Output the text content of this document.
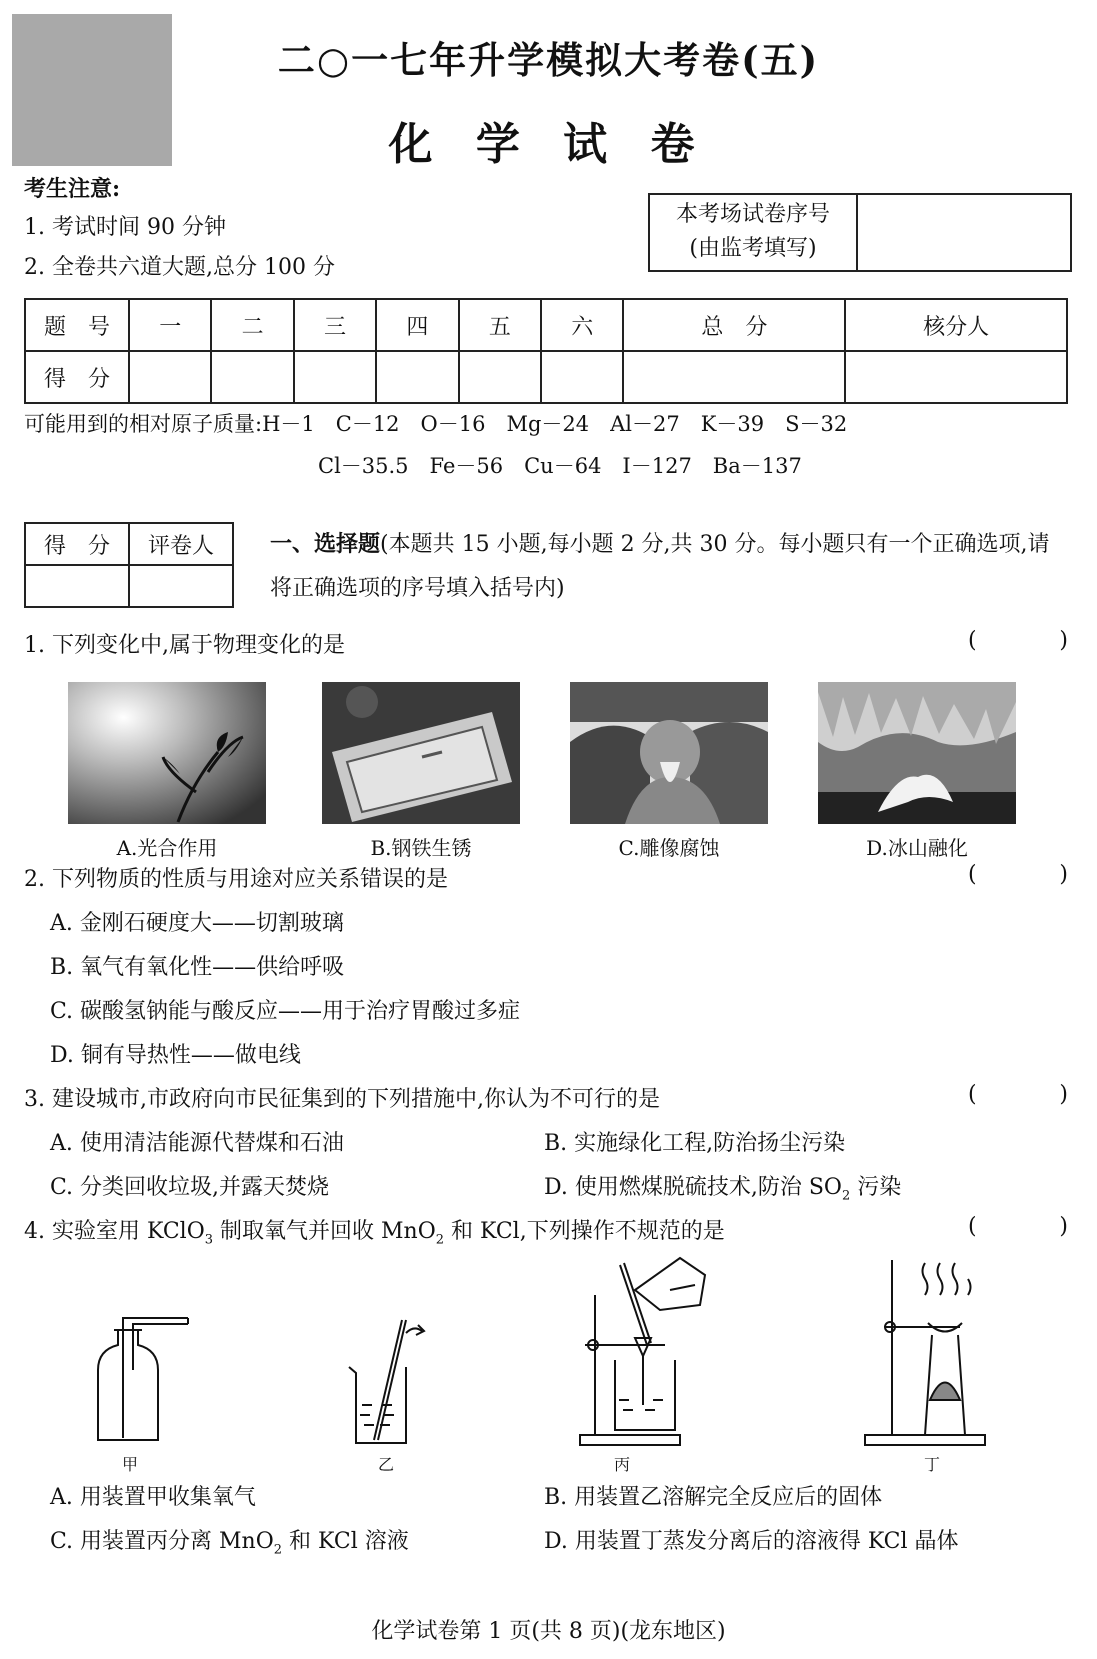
二○一七年升学模拟大考卷(五)
化 学 试 卷
考生注意:
1. 考试时间 90 分钟
2. 全卷共六道大题,总分 100 分
本考场试卷序号
(由监考填写)
题　号	一	二	三	四	五	六	总　分	核分人
得　分								
可能用到的相对原子质量:H－1　C－12　O－16　Mg－24　Al－27　K－39　S－32
Cl－35.5　Fe－56　Cu－64　I－127　Ba－137
得　分	评卷人
		一、选择题(本题共 15 小题,每小题 2 分,共 30 分。每小题只有一个正确选项,请将正确选项的序号填入括号内)
1. 下列变化中,属于物理变化的是	(	)
A.光合作用	B.钢铁生锈	C.雕像腐蚀	D.冰山融化
2. 下列物质的性质与用途对应关系错误的是	(	)
A. 金刚石硬度大——切割玻璃
B. 氧气有氧化性——供给呼吸
C. 碳酸氢钠能与酸反应——用于治疗胃酸过多症
D. 铜有导热性——做电线
3. 建设城市,市政府向市民征集到的下列措施中,你认为不可行的是	(	)
A. 使用清洁能源代替煤和石油	B. 实施绿化工程,防治扬尘污染
C. 分类回收垃圾,并露天焚烧	D. 使用燃煤脱硫技术,防治 $SO_2$ 污染
4. 实验室用 KClO$_3$ 制取氧气并回收 MnO$_2$ 和 KCl,下列操作不规范的是	(	)
甲	乙	丙	丁
A. 用装置甲收集氧气	B. 用装置乙溶解完全反应后的固体
C. 用装置丙分离 MnO$_2$ 和 KCl 溶液	D. 用装置丁蒸发分离后的溶液得 KCl 晶体
化学试卷第 1 页(共 8 页)(龙东地区)
